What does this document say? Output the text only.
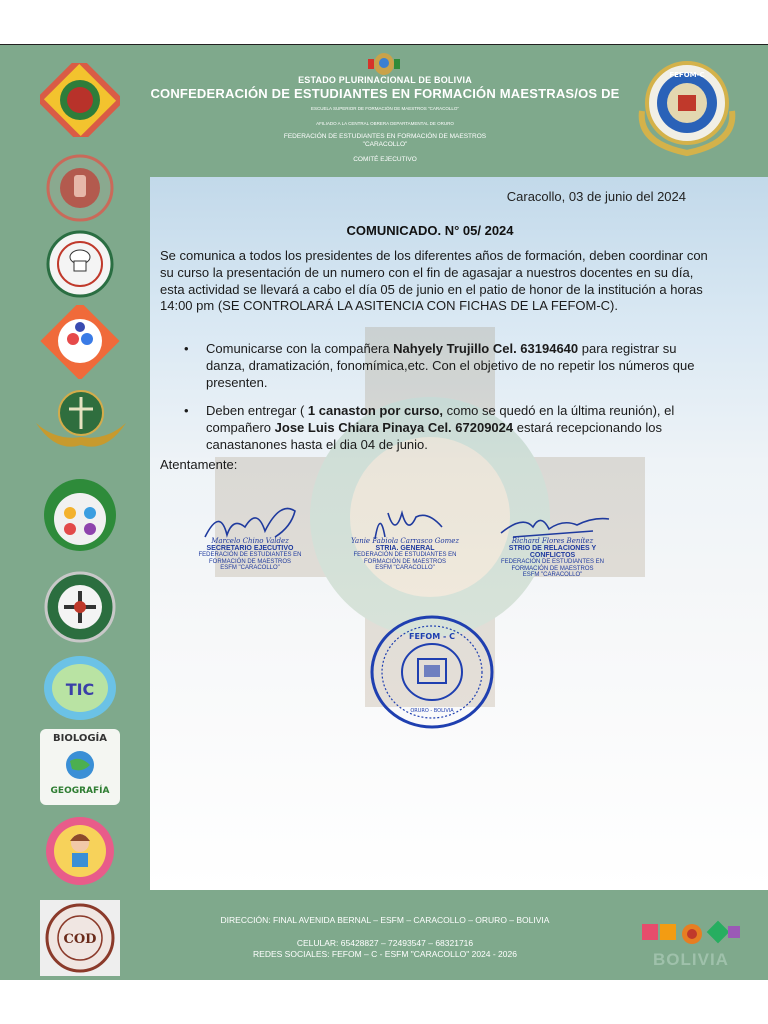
TIC
BIOLOGÍA
GEOGRAFÍA
COD
ESTADO PLURINACIONAL DE BOLIVIA
CONFEDERACIÓN DE ESTUDIANTES EN FORMACIÓN MAESTRAS/OS DE
ESCUELA SUPERIOR DE FORMACIÓN DE MAESTROS "CARACOLLO"
AFILIADO A LA CENTRAL OBRERA DEPARTAMENTAL DE ORURO
FEDERACIÓN DE ESTUDIANTES EN FORMACIÓN DE MAESTROS
"CARACOLLO"
COMITÉ EJECUTIVO
FEFOM-C
Caracollo, 03 de junio del 2024
COMUNICADO. N° 05/ 2024
Se comunica a todos los presidentes de los diferentes años de formación, deben coordinar con su curso la presentación de un numero con el fin de agasajar a nuestros docentes en su día, esta actividad se llevará a cabo el día 05 de junio en el patio de honor de la institución a horas 14:00 pm (SE CONTROLARÁ LA ASITENCIA CON FICHAS DE LA FEFOM-C).
• Comunicarse con la compañera Nahyely Trujillo Cel. 63194640 para registrar su danza, dramatización, fonomímica,etc. Con el objetivo de no repetir los números que presenten.
• Deben entregar ( 1 canaston por curso, como se quedó en la última reunión), el compañero Jose Luis Chiara Pinaya Cel. 67209024 estará recepcionando los canastanones hasta el dia 04 de junio.
Atentamente:
Marcelo Chino Valdez
SECRETARIO EJECUTIVO
FEDERACIÓN DE ESTUDIANTES EN
FORMACIÓN DE MAESTROS
ESFM "CARACOLLO"
Yanie Fabiola Carrasco Gomez
STRIA. GENERAL
FEDERACIÓN DE ESTUDIANTES EN
FORMACIÓN DE MAESTROS
ESFM "CARACOLLO"
Richard Flores Benítez
STRIO DE RELACIONES Y CONFLICTOS
FEDERACIÓN DE ESTUDIANTES EN
FORMACIÓN DE MAESTROS
ESFM "CARACOLLO"
FEFOM - C
ORURO - BOLIVIA
DIRECCIÓN: FINAL AVENIDA BERNAL – ESFM – CARACOLLO – ORURO – BOLIVIA
CELULAR: 65428827 – 72493547 – 68321716
REDES SOCIALES: FEFOM – C - ESFM "CARACOLLO" 2024 - 2026	BOLIVIA
